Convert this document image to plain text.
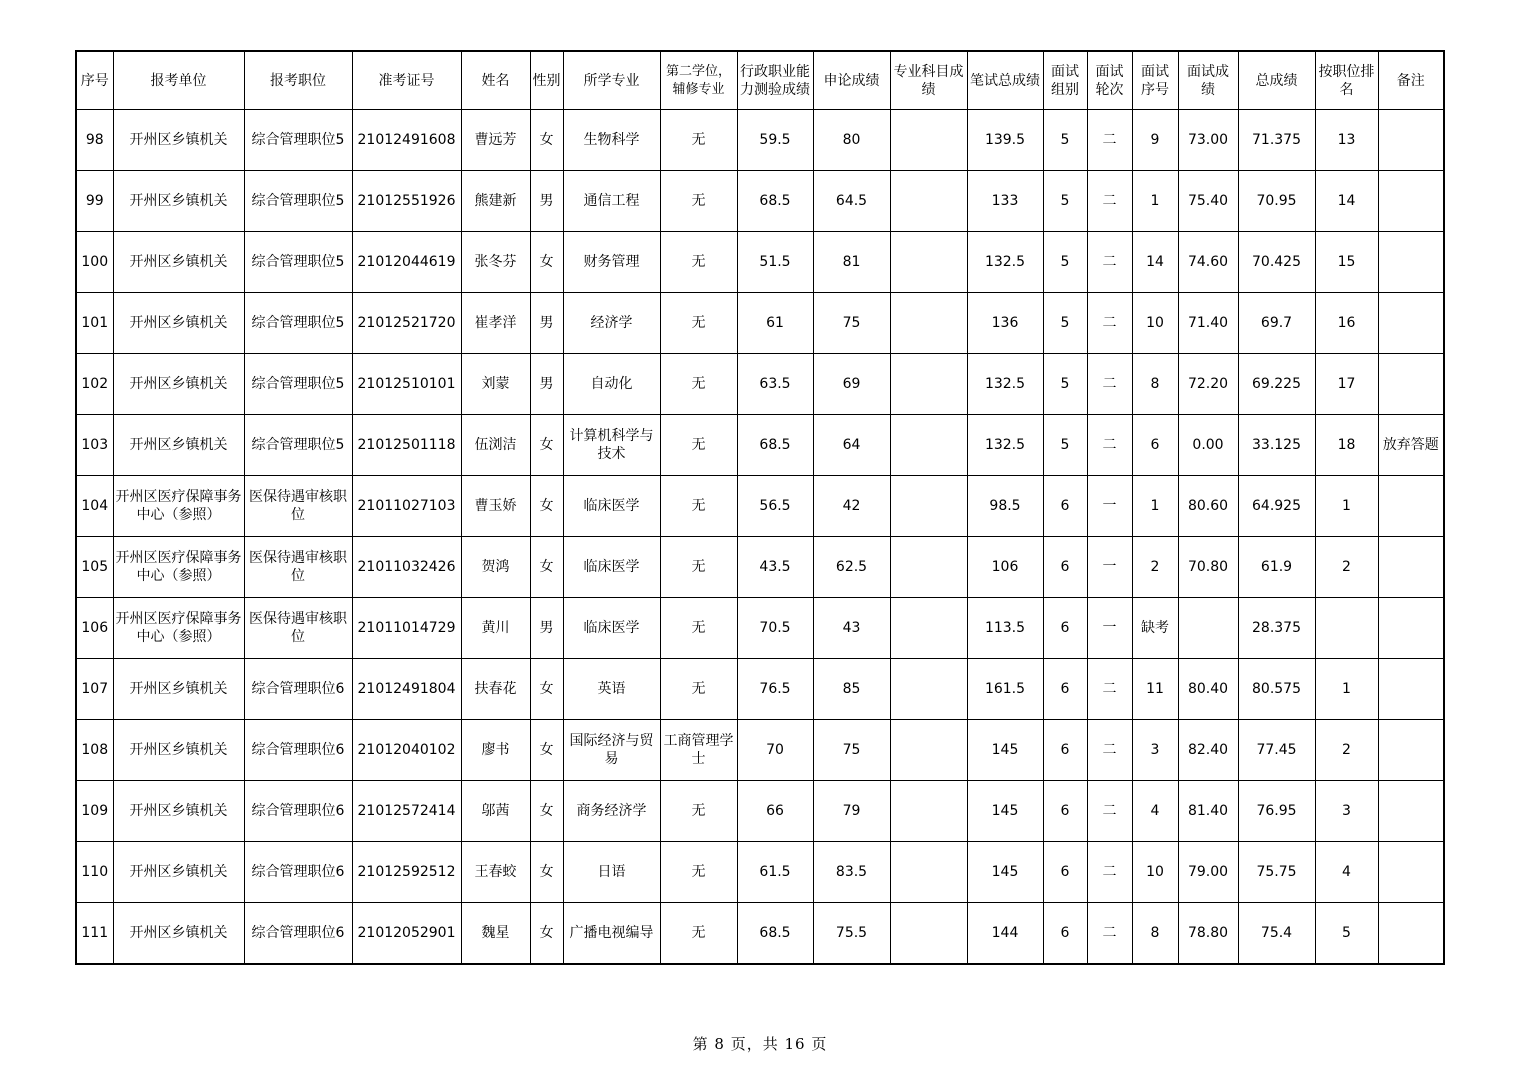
序号	报考单位	报考职位	准考证号	姓名	性别	所学专业	第二学位，辅修专业	行政职业能力测验成绩	申论成绩	专业科目成绩	笔试总成绩	面试组别	面试轮次	面试序号	面试成绩	总成绩	按职位排名	备注
98	开州区乡镇机关	综合管理职位5	21012491608	曹远芳	女	生物科学	无	59.5	80		139.5	5	二	9	73.00	71.375	13	
99	开州区乡镇机关	综合管理职位5	21012551926	熊建新	男	通信工程	无	68.5	64.5		133	5	二	1	75.40	70.95	14	
100	开州区乡镇机关	综合管理职位5	21012044619	张冬芬	女	财务管理	无	51.5	81		132.5	5	二	14	74.60	70.425	15	
101	开州区乡镇机关	综合管理职位5	21012521720	崔孝洋	男	经济学	无	61	75		136	5	二	10	71.40	69.7	16	
102	开州区乡镇机关	综合管理职位5	21012510101	刘蒙	男	自动化	无	63.5	69		132.5	5	二	8	72.20	69.225	17	
103	开州区乡镇机关	综合管理职位5	21012501118	伍浏洁	女	计算机科学与技术	无	68.5	64		132.5	5	二	6	0.00	33.125	18	放弃答题
104	开州区医疗保障事务中心（参照）	医保待遇审核职位	21011027103	曹玉娇	女	临床医学	无	56.5	42		98.5	6	一	1	80.60	64.925	1	
105	开州区医疗保障事务中心（参照）	医保待遇审核职位	21011032426	贺鸿	女	临床医学	无	43.5	62.5		106	6	一	2	70.80	61.9	2	
106	开州区医疗保障事务中心（参照）	医保待遇审核职位	21011014729	黄川	男	临床医学	无	70.5	43		113.5	6	一	缺考		28.375		
107	开州区乡镇机关	综合管理职位6	21012491804	扶春花	女	英语	无	76.5	85		161.5	6	二	11	80.40	80.575	1	
108	开州区乡镇机关	综合管理职位6	21012040102	廖书	女	国际经济与贸易	工商管理学士	70	75		145	6	二	3	82.40	77.45	2	
109	开州区乡镇机关	综合管理职位6	21012572414	邬茜	女	商务经济学	无	66	79		145	6	二	4	81.40	76.95	3	
110	开州区乡镇机关	综合管理职位6	21012592512	王春蛟	女	日语	无	61.5	83.5		145	6	二	10	79.00	75.75	4	
111	开州区乡镇机关	综合管理职位6	21012052901	魏星	女	广播电视编导	无	68.5	75.5		144	6	二	8	78.80	75.4	5	
第 8 页，共 16 页
